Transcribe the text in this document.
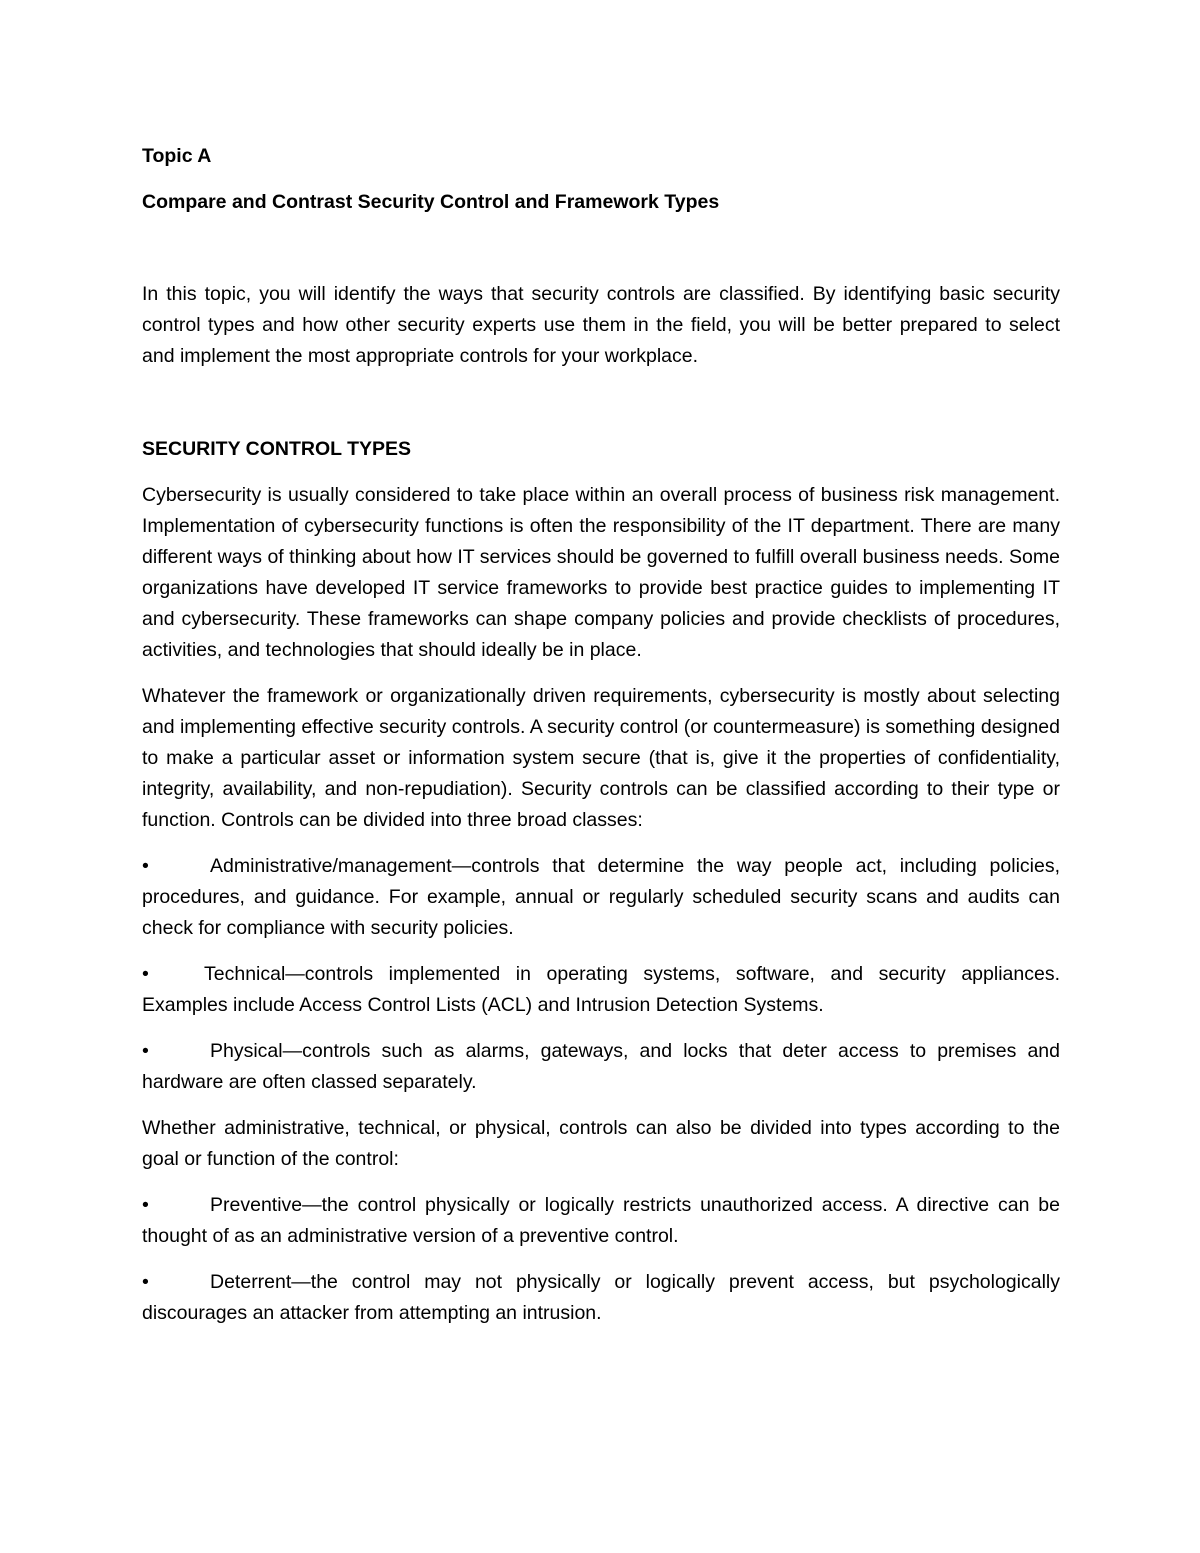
Topic A

Compare and Contrast Security Control and Framework Types

In this topic, you will identify the ways that security controls are classified. By identifying basic security control types and how other security experts use them in the field, you will be better prepared to select and implement the most appropriate controls for your workplace.

SECURITY CONTROL TYPES

Cybersecurity is usually considered to take place within an overall process of business risk management. Implementation of cybersecurity functions is often the responsibility of the IT department. There are many different ways of thinking about how IT services should be governed to fulfill overall business needs. Some organizations have developed IT service frameworks to provide best practice guides to implementing IT and cybersecurity. These frameworks can shape company policies and provide checklists of procedures, activities, and technologies that should ideally be in place.

Whatever the framework or organizationally driven requirements, cybersecurity is mostly about selecting and implementing effective security controls. A security control (or countermeasure) is something designed to make a particular asset or information system secure (that is, give it the properties of confidentiality, integrity, availability, and non-repudiation). Security controls can be classified according to their type or function. Controls can be divided into three broad classes:

•	Administrative/management—controls that determine the way people act, including policies, procedures, and guidance. For example, annual or regularly scheduled security scans and audits can check for compliance with security policies.
•	Technical—controls implemented in operating systems, software, and security appliances. Examples include Access Control Lists (ACL) and Intrusion Detection Systems.
•	Physical—controls such as alarms, gateways, and locks that deter access to premises and hardware are often classed separately.

Whether administrative, technical, or physical, controls can also be divided into types according to the goal or function of the control:

•	Preventive—the control physically or logically restricts unauthorized access. A directive can be thought of as an administrative version of a preventive control.
•	Deterrent—the control may not physically or logically prevent access, but psychologically discourages an attacker from attempting an intrusion.
